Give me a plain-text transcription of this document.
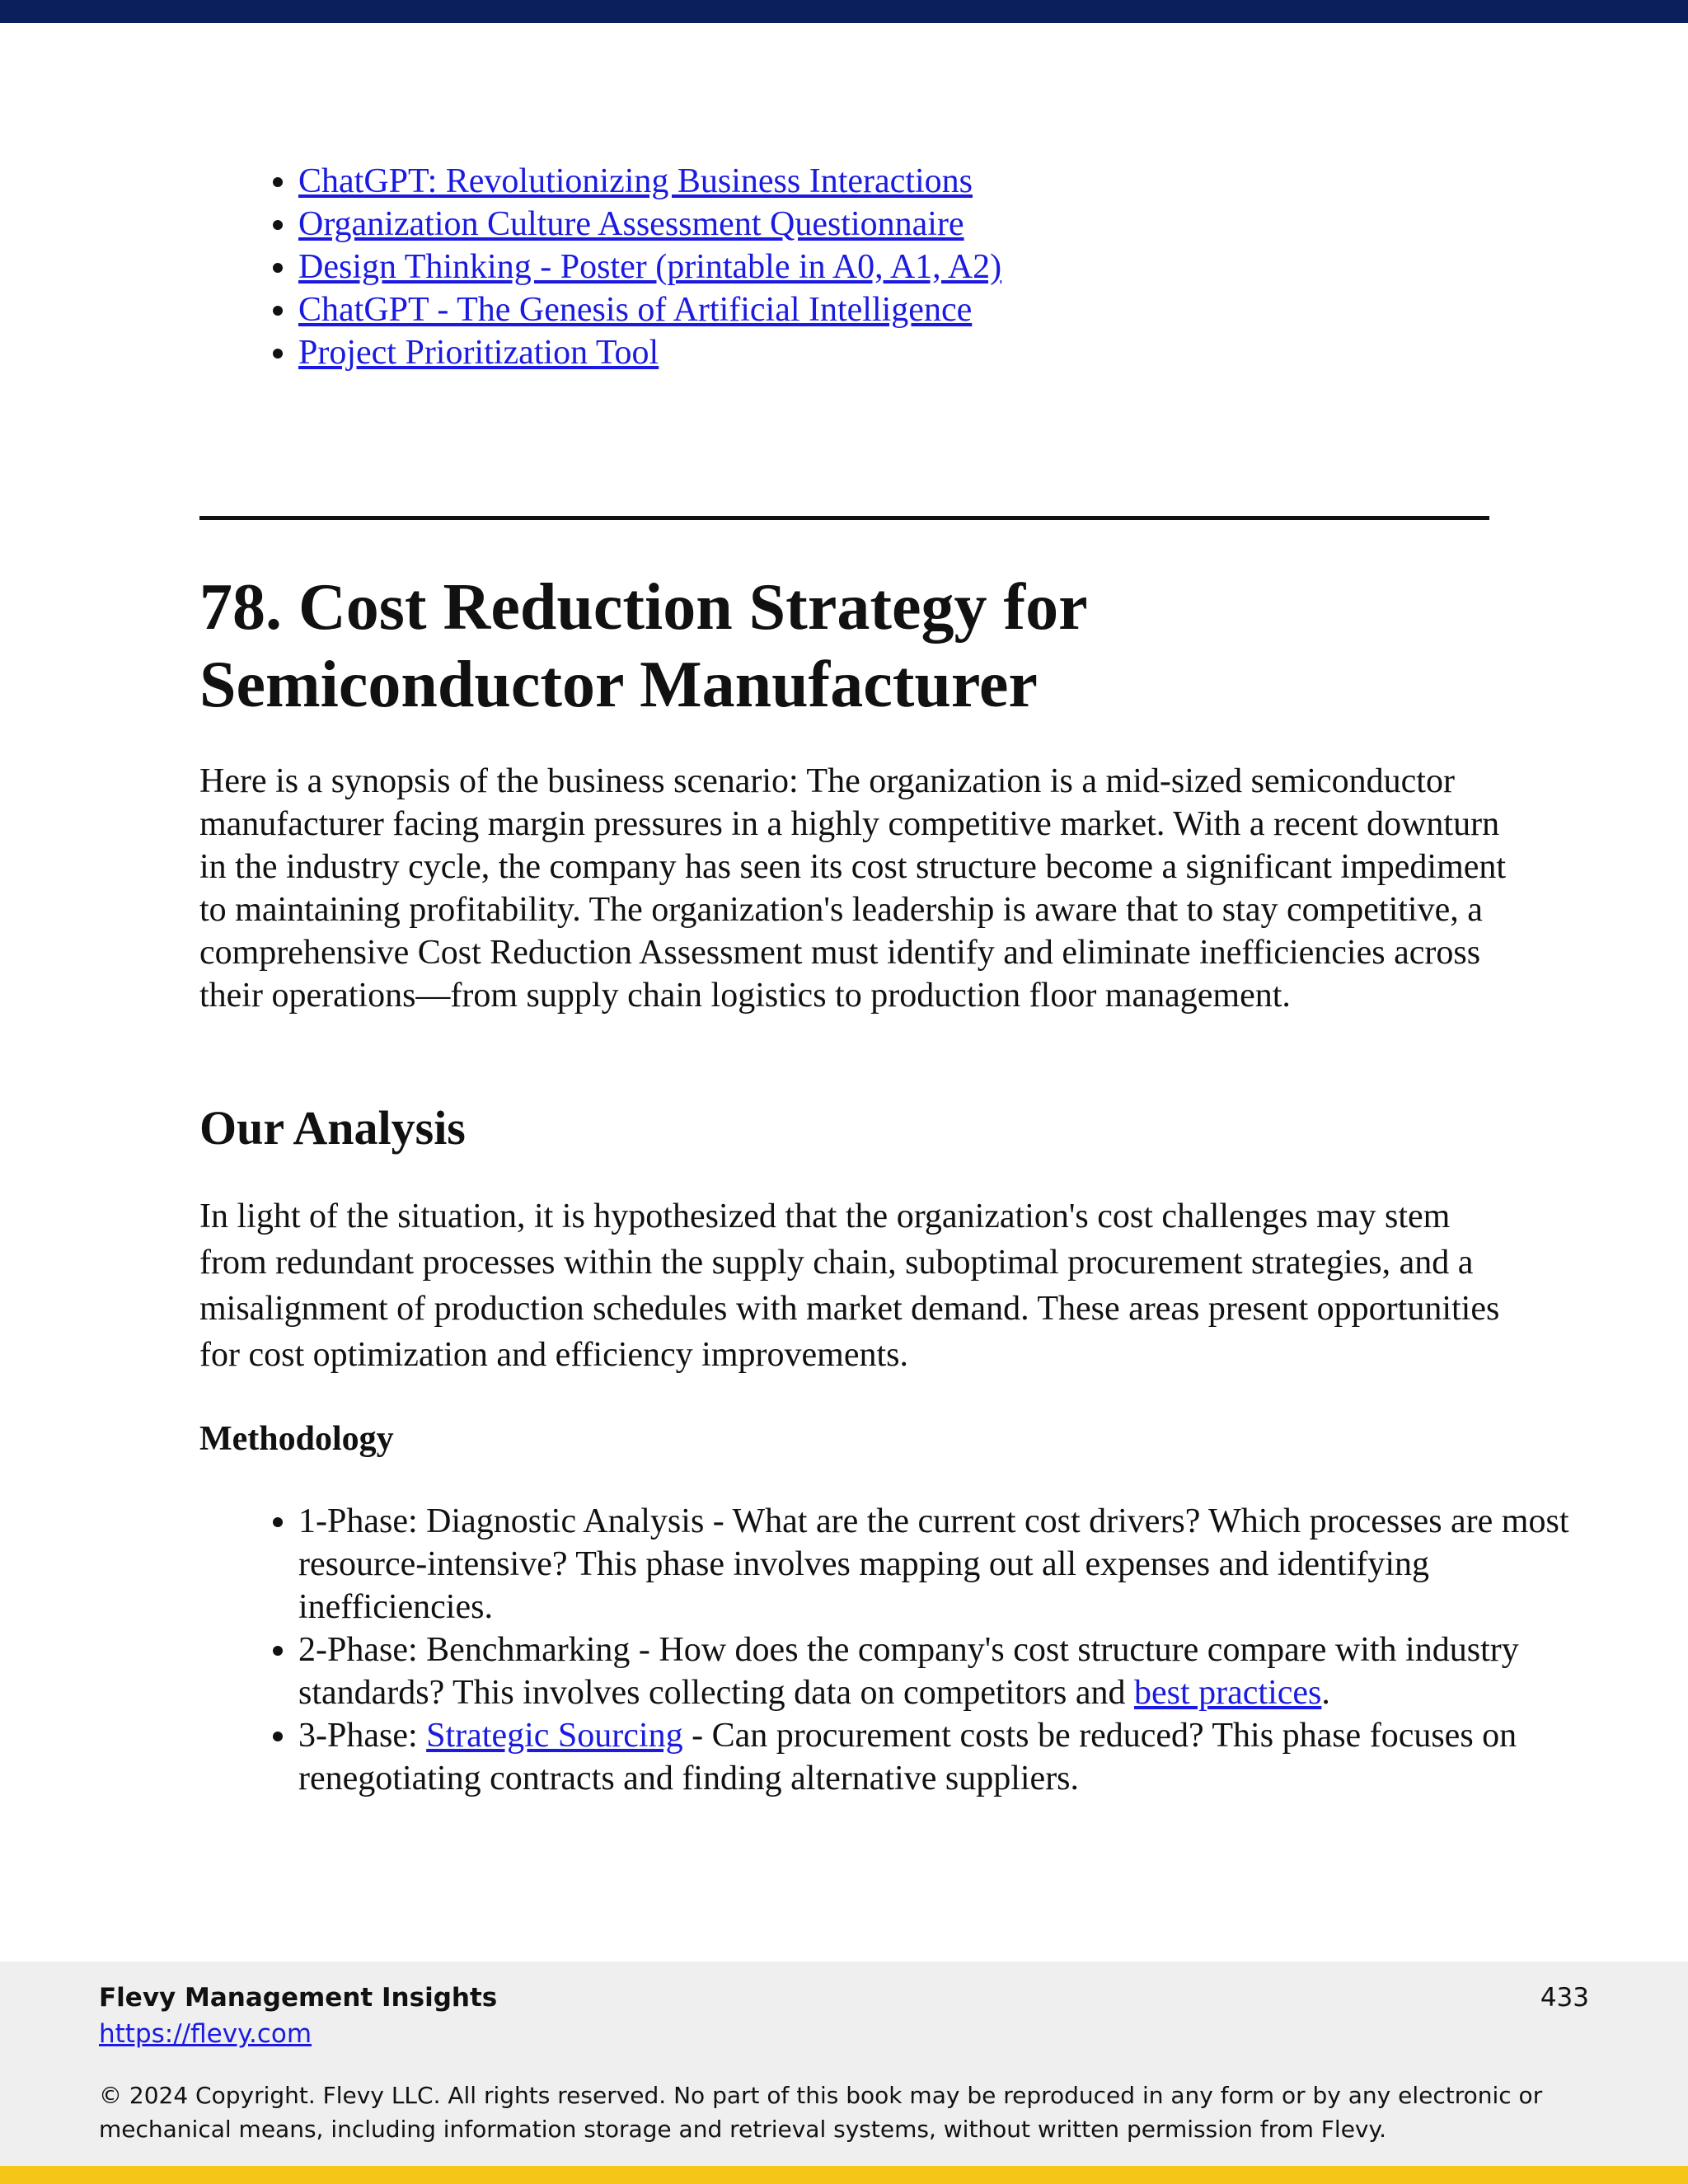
• ChatGPT: Revolutionizing Business Interactions
• Organization Culture Assessment Questionnaire
• Design Thinking - Poster (printable in A0, A1, A2)
• ChatGPT - The Genesis of Artificial Intelligence
• Project Prioritization Tool
78. Cost Reduction Strategy for Semiconductor Manufacturer

Here is a synopsis of the business scenario: The organization is a mid-sized semiconductor manufacturer facing margin pressures in a highly competitive market. With a recent downturn in the industry cycle, the company has seen its cost structure become a significant impediment to maintaining profitability. The organization's leadership is aware that to stay competitive, a comprehensive Cost Reduction Assessment must identify and eliminate inefficiencies across their operations—from supply chain logistics to production floor management.

Our Analysis

In light of the situation, it is hypothesized that the organization's cost challenges may stem from redundant processes within the supply chain, suboptimal procurement strategies, and a misalignment of production schedules with market demand. These areas present opportunities for cost optimization and efficiency improvements.

Methodology
• 1-Phase: Diagnostic Analysis - What are the current cost drivers? Which processes are most resource-intensive? This phase involves mapping out all expenses and identifying inefficiencies.
• 2-Phase: Benchmarking - How does the company's cost structure compare with industry standards? This involves collecting data on competitors and best practices.
• 3-Phase: Strategic Sourcing - Can procurement costs be reduced? This phase focuses on renegotiating contracts and finding alternative suppliers.
Flevy Management Insights
https://flevy.com
433
© 2024 Copyright. Flevy LLC. All rights reserved. No part of this book may be reproduced in any form or by any electronic or mechanical means, including information storage and retrieval systems, without written permission from Flevy.
